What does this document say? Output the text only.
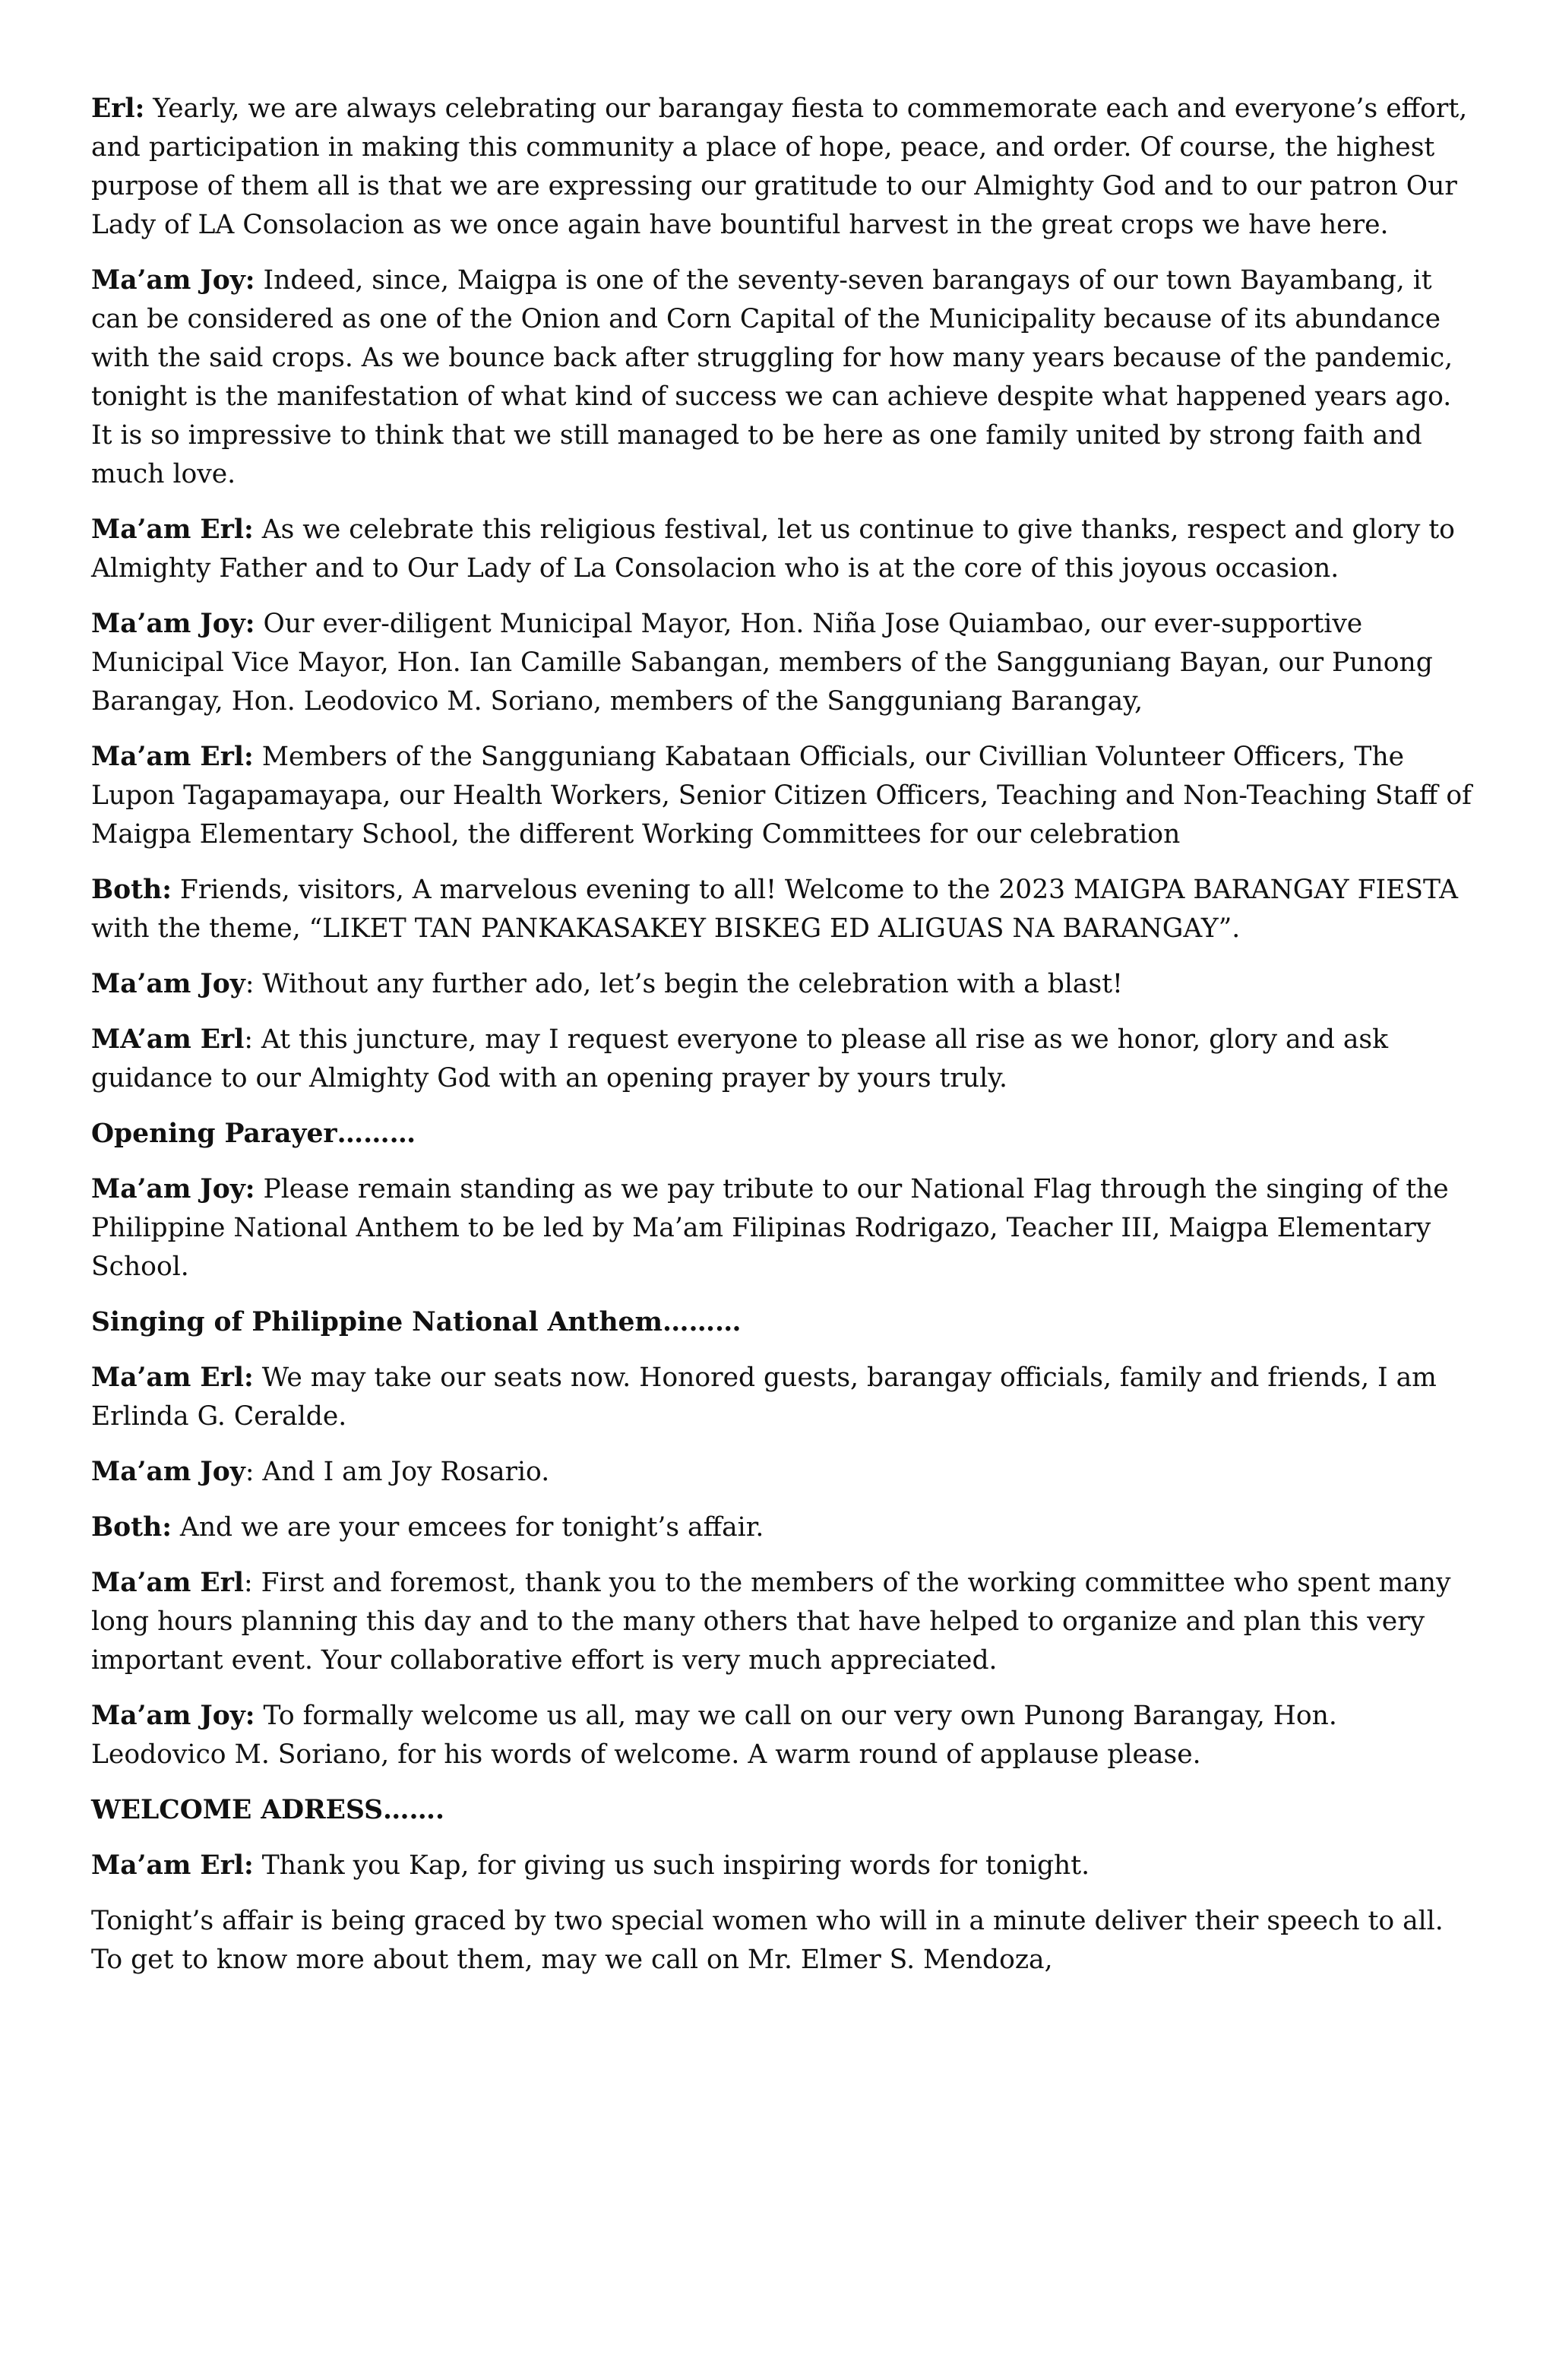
Erl: Yearly, we are always celebrating our barangay fiesta to commemorate each and everyone’s effort, and participation in making this community a place of hope, peace, and order. Of course, the highest purpose of them all is that we are expressing our gratitude to our Almighty God and to our patron Our Lady of LA Consolacion as we once again have bountiful harvest in the great crops we have here.

Ma’am Joy: Indeed, since, Maigpa is one of the seventy-seven barangays of our town Bayambang, it can be considered as one of the Onion and Corn Capital of the Municipality because of its abundance with the said crops. As we bounce back after struggling for how many years because of the pandemic, tonight is the manifestation of what kind of success we can achieve despite what happened years ago. It is so impressive to think that we still managed to be here as one family united by strong faith and much love.

Ma’am Erl: As we celebrate this religious festival, let us continue to give thanks, respect and glory to Almighty Father and to Our Lady of La Consolacion who is at the core of this joyous occasion.

Ma’am Joy: Our ever-diligent Municipal Mayor, Hon. Niña Jose Quiambao, our ever-supportive Municipal Vice Mayor, Hon. Ian Camille Sabangan, members of the Sangguniang Bayan, our Punong Barangay, Hon. Leodovico M. Soriano, members of the Sangguniang Barangay,

Ma’am Erl: Members of the Sangguniang Kabataan Officials, our Civillian Volunteer Officers, The Lupon Tagapamayapa, our Health Workers, Senior Citizen Officers, Teaching and Non-Teaching Staff of Maigpa Elementary School, the different Working Committees for our celebration

Both: Friends, visitors, A marvelous evening to all! Welcome to the 2023 MAIGPA BARANGAY FIESTA with the theme, “LIKET TAN PANKAKASAKEY BISKEG ED ALIGUAS NA BARANGAY”.

Ma’am Joy: Without any further ado, let’s begin the celebration with a blast!

MA’am Erl: At this juncture, may I request everyone to please all rise as we honor, glory and ask guidance to our Almighty God with an opening prayer by yours truly.

Opening Parayer………

Ma’am Joy: Please remain standing as we pay tribute to our National Flag through the singing of the Philippine National Anthem to be led by Ma’am Filipinas Rodrigazo, Teacher III, Maigpa Elementary School.

Singing of Philippine National Anthem………

Ma’am Erl: We may take our seats now. Honored guests, barangay officials, family and friends, I am Erlinda G. Ceralde.

Ma’am Joy: And I am Joy Rosario.

Both: And we are your emcees for tonight’s affair.

Ma’am Erl: First and foremost, thank you to the members of the working committee who spent many long hours planning this day and to the many others that have helped to organize and plan this very important event. Your collaborative effort is very much appreciated.

Ma’am Joy: To formally welcome us all, may we call on our very own Punong Barangay, Hon. Leodovico M. Soriano, for his words of welcome. A warm round of applause please.

WELCOME ADRESS…….

Ma’am Erl: Thank you Kap, for giving us such inspiring words for tonight.

Tonight’s affair is being graced by two special women who will in a minute deliver their speech to all. To get to know more about them, may we call on Mr. Elmer S. Mendoza,
